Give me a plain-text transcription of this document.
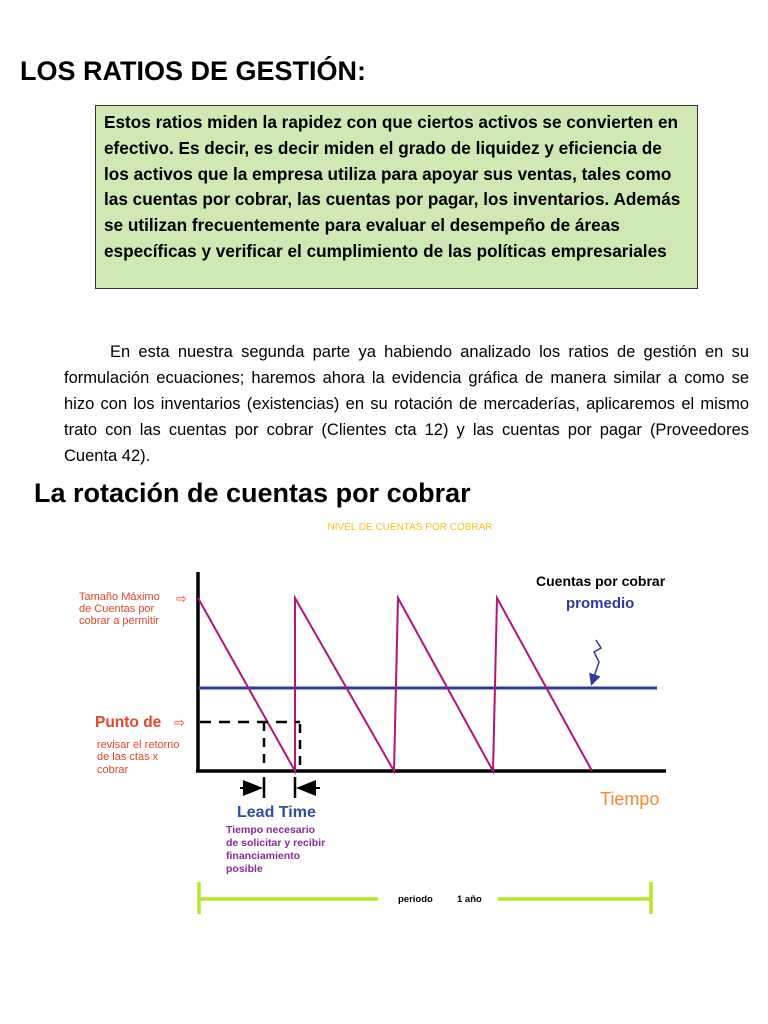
LOS RATIOS DE GESTIÓN:
Estos ratios miden la rapidez con que ciertos activos se convierten en efectivo. Es decir, es decir miden el grado de liquidez y eficiencia de los activos que la empresa utiliza para apoyar sus ventas, tales como las cuentas por cobrar, las cuentas por pagar, los inventarios. Además se utilizan frecuentemente para evaluar el desempeño de áreas específicas y verificar el cumplimiento de las políticas empresariales

En esta nuestra segunda parte ya habiendo analizado los ratios de gestión en su formulación ecuaciones; haremos ahora la evidencia gráfica de manera similar a como se hizo con los inventarios (existencias) en su rotación de mercaderías, aplicaremos el mismo trato con las cuentas por cobrar (Clientes cta 12) y las cuentas por pagar (Proveedores Cuenta 42).

La rotación de cuentas por cobrar
NIVEL DE CUENTAS POR COBRAR
Tamaño Máximo
de Cuentas por
cobrar a permitir
⇨
Punto de ⇨
revisar el retorno
de las ctas x
cobrar
Cuentas por cobrar
promedio
Lead Time
Tiempo necesario
de solicitar y recibir
financiamiento
posible
Tiempo
periodo	1 año
